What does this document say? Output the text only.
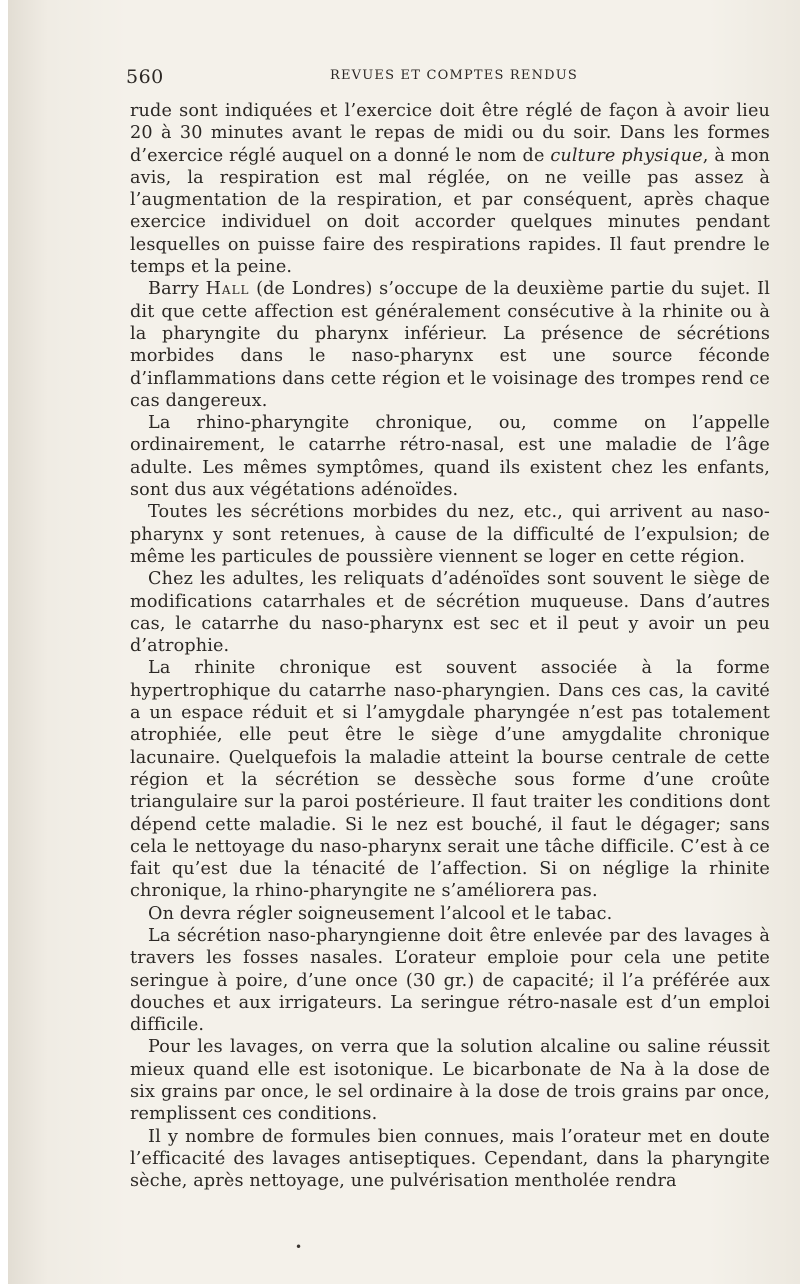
560	REVUES ET COMPTES RENDUS

rude sont indiquées et l’exercice doit être réglé de façon à avoir lieu 20 à 30 minutes avant le repas de midi ou du soir. Dans les formes d’exercice réglé auquel on a donné le nom de culture physique, à mon avis, la respiration est mal réglée, on ne veille pas assez à l’augmentation de la respiration, et par conséquent, après chaque exercice individuel on doit accorder quelques minutes pendant lesquelles on puisse faire des respirations rapides. Il faut prendre le temps et la peine.

Barry Hall (de Londres) s’occupe de la deuxième partie du sujet. Il dit que cette affection est généralement consécutive à la rhinite ou à la pharyngite du pharynx inférieur. La présence de sécrétions morbides dans le naso-pharynx est une source féconde d’inflammations dans cette région et le voisinage des trompes rend ce cas dangereux.

La rhino-pharyngite chronique, ou, comme on l’appelle ordinairement, le catarrhe rétro-nasal, est une maladie de l’âge adulte. Les mêmes symptômes, quand ils existent chez les enfants, sont dus aux végétations adénoïdes.

Toutes les sécrétions morbides du nez, etc., qui arrivent au naso-pharynx y sont retenues, à cause de la difficulté de l’expulsion; de même les particules de poussière viennent se loger en cette région.

Chez les adultes, les reliquats d’adénoïdes sont souvent le siège de modifications catarrhales et de sécrétion muqueuse. Dans d’autres cas, le catarrhe du naso-pharynx est sec et il peut y avoir un peu d’atrophie.

La rhinite chronique est souvent associée à la forme hypertrophique du catarrhe naso-pharyngien. Dans ces cas, la cavité a un espace réduit et si l’amygdale pharyngée n’est pas totalement atrophiée, elle peut être le siège d’une amygdalite chronique lacunaire. Quelquefois la maladie atteint la bourse centrale de cette région et la sécrétion se dessèche sous forme d’une croûte triangulaire sur la paroi postérieure. Il faut traiter les conditions dont dépend cette maladie. Si le nez est bouché, il faut le dégager; sans cela le nettoyage du naso-pharynx serait une tâche difficile. C’est à ce fait qu’est due la ténacité de l’affection. Si on néglige la rhinite chronique, la rhino-pharyngite ne s’améliorera pas.

On devra régler soigneusement l’alcool et le tabac.

La sécrétion naso-pharyngienne doit être enlevée par des lavages à travers les fosses nasales. L’orateur emploie pour cela une petite seringue à poire, d’une once (30 gr.) de capacité; il l’a préférée aux douches et aux irrigateurs. La seringue rétro-nasale est d’un emploi difficile.

Pour les lavages, on verra que la solution alcaline ou saline réussit mieux quand elle est isotonique. Le bicarbonate de Na à la dose de six grains par once, le sel ordinaire à la dose de trois grains par once, remplissent ces conditions.

Il y nombre de formules bien connues, mais l’orateur met en doute l’efficacité des lavages antiseptiques. Cependant, dans la pharyngite sèche, après nettoyage, une pulvérisation mentholée rendra

•
